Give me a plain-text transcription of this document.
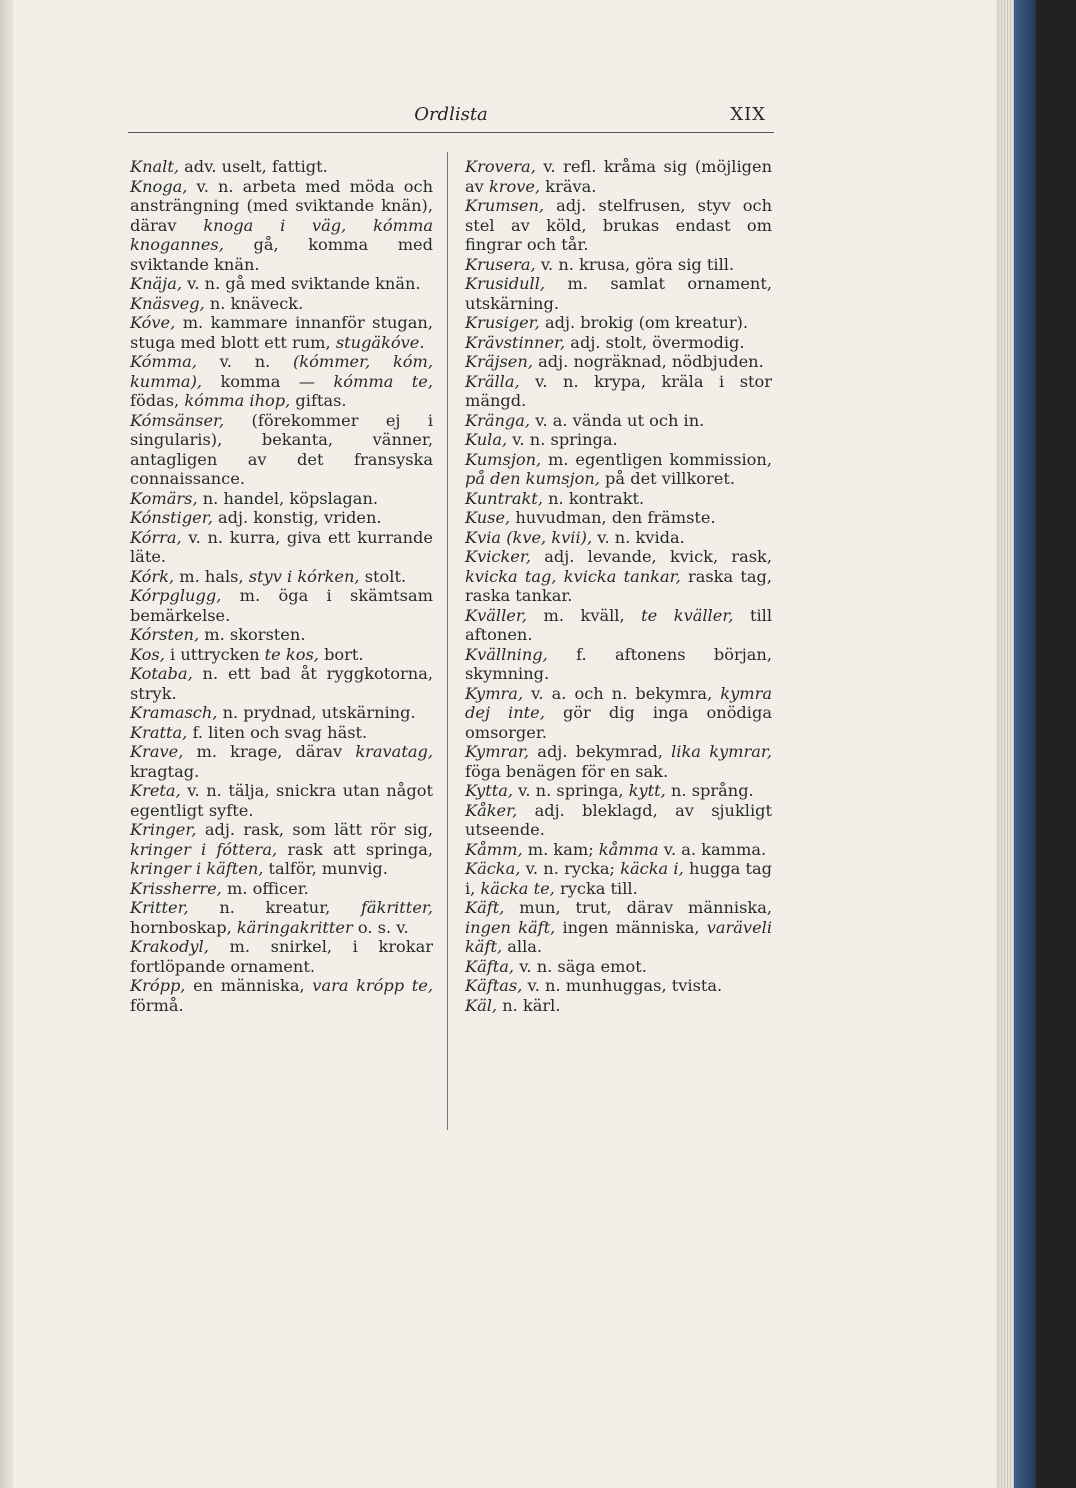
Ordlista	XIX

Knalt, adv. uselt, fattigt.

Knoga, v. n. arbeta med möda och ansträngning (med sviktande knän), därav knoga i väg, kómma knogannes, gå, komma med sviktande knän.

Knäja, v. n. gå med sviktande knän.

Knäsveg, n. knäveck.

Kóve, m. kammare innanför stugan, stuga med blott ett rum, stugäkóve.

Kómma, v. n. (kómmer, kóm, kumma), komma — kómma te, födas, kómma ihop, giftas.

Kómsänser, (förekommer ej i singularis), bekanta, vänner, antagligen av det fransyska connaissance.

Komärs, n. handel, köpslagan.

Kónstiger, adj. konstig, vriden.

Kórra, v. n. kurra, giva ett kurrande läte.

Kórk, m. hals, styv i kórken, stolt.

Kórpglugg, m. öga i skämtsam bemärkelse.

Kórsten, m. skorsten.

Kos, i uttrycken te kos, bort.

Kotaba, n. ett bad åt ryggkotorna, stryk.

Kramasch, n. prydnad, utskärning.

Kratta, f. liten och svag häst.

Krave, m. krage, därav kravatag, kragtag.

Kreta, v. n. tälja, snickra utan något egentligt syfte.

Kringer, adj. rask, som lätt rör sig, kringer i fóttera, rask att springa, kringer i käften, talför, munvig.

Krissherre, m. officer.

Kritter, n. kreatur, fäkritter, hornboskap, käringakritter o. s. v.

Krakodyl, m. snirkel, i krokar fortlöpande ornament.

Krópp, en människa, vara krópp te, förmå.

Krovera, v. refl. kråma sig (möjligen av krove, kräva.

Krumsen, adj. stelfrusen, styv och stel av köld, brukas endast om fingrar och tår.

Krusera, v. n. krusa, göra sig till.

Krusidull, m. samlat ornament, utskärning.

Krusiger, adj. brokig (om kreatur).

Krävstinner, adj. stolt, övermodig.

Kräjsen, adj. nogräknad, nödbjuden.

Krälla, v. n. krypa, kräla i stor mängd.

Kränga, v. a. vända ut och in.

Kula, v. n. springa.

Kumsjon, m. egentligen kommission, på den kumsjon, på det villkoret.

Kuntrakt, n. kontrakt.

Kuse, huvudman, den främste.

Kvia (kve, kvii), v. n. kvida.

Kvicker, adj. levande, kvick, rask, kvicka tag, kvicka tankar, raska tag, raska tankar.

Kväller, m. kväll, te kväller, till aftonen.

Kvällning, f. aftonens början, skymning.

Kymra, v. a. och n. bekymra, kymra dej inte, gör dig inga onödiga omsorger.

Kymrar, adj. bekymrad, lika kymrar, föga benägen för en sak.

Kytta, v. n. springa, kytt, n. språng.

Kåker, adj. bleklagd, av sjukligt utseende.

Kåmm, m. kam; kåmma v. a. kamma.

Käcka, v. n. rycka; käcka i, hugga tag i, käcka te, rycka till.

Käft, mun, trut, därav människa, ingen käft, ingen människa, varäveli käft, alla.

Käfta, v. n. säga emot.

Käftas, v. n. munhuggas, tvista.

Käl, n. kärl.
